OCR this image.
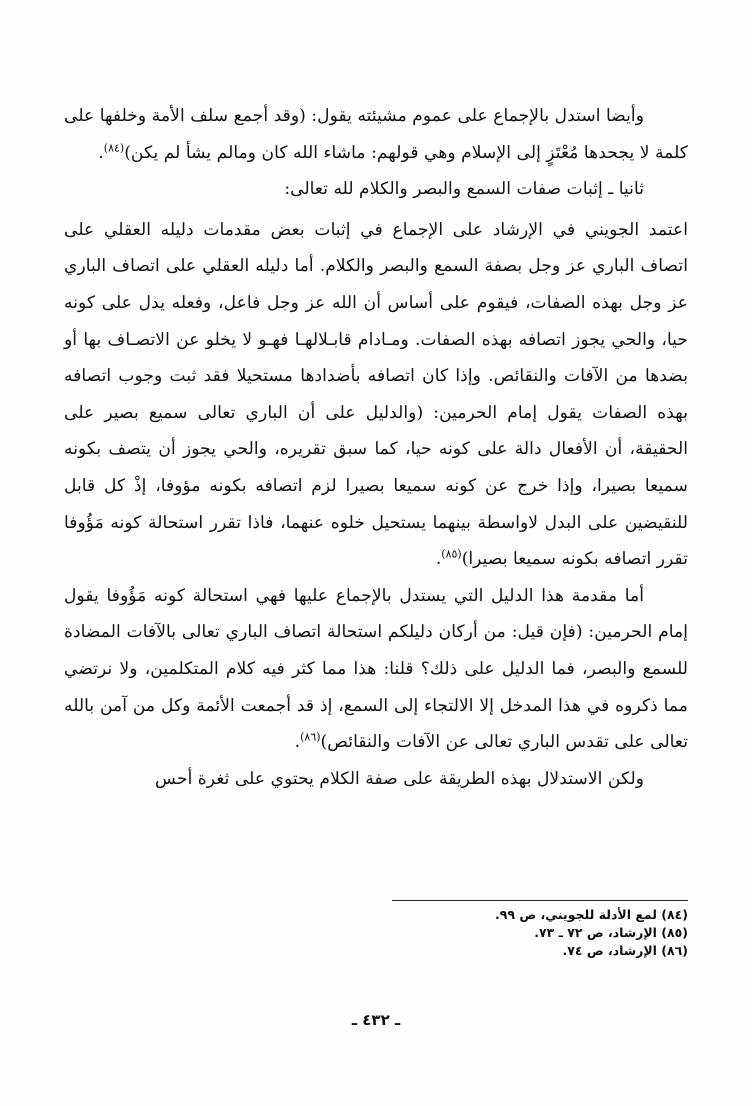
وأيضا استدل بالإجماع على عموم مشيئته يقول: (وقد أجمع سلف الأمة وخلفها على كلمة لا يجحدها مُعْتَزٍ إلى الإسلام وهي قولهم: ماشاء الله كان ومالم يشأ لم يكن)$^{(٨٤)}$.

ثانيا ـ إثبات صفات السمع والبصر والكلام لله تعالى:

اعتمد الجويني في الإرشاد على الإجماع في إثبات بعض مقدمات دليله العقلي على اتصاف الباري عز وجل بصفة السمع والبصر والكلام. أما دليله العقلي على اتصاف الباري عز وجل بهذه الصفات، فيقوم على أساس أن الله عز وجل فاعل، وفعله يدل على كونه حيا، والحي يجوز اتصافه بهذه الصفات. ومـادام قابـلالهـا فهـو لا يخلو عن الاتصـاف بها أو بضدها من الآفات والنقائص. وإذا كان اتصافه بأضدادها مستحيلا فقد ثبت وجوب اتصافه بهذه الصفات يقول إمام الحرمين: (والدليل على أن الباري تعالى سميع بصير على الحقيقة، أن الأفعال دالة على كونه حيا، كما سبق تقريره، والحي يجوز أن يتصف بكونه سميعا بصيرا، وإذا خرج عن كونه سميعا بصيرا لزم اتصافه بكونه مؤوفا، إذْ كل قابل للنقيضين على البدل لاواسطة بينهما يستحيل خلوه عنهما، فاذا تقرر استحالة كونه مَؤُوفا تقرر اتصافه بكونه سميعا بصيرا)$^{(٨٥)}$.

أما مقدمة هذا الدليل التي يستدل بالإجماع عليها فهي استحالة كونه مَؤُوفا يقول إمام الحرمين: (فإن قيل: من أركان دليلكم استحالة اتصاف الباري تعالى بالآفات المضادة للسمع والبصر، فما الدليل على ذلك؟ قلنا: هذا مما كثر فيه كلام المتكلمين، ولا نرتضي مما ذكروه في هذا المدخل إلا الالتجاء إلى السمع، إذ قد أجمعت الأئمة وكل من آمن بالله تعالى على تقدس الباري تعالى عن الآفات والنقائص)$^{(٨٦)}$.

ولكن الاستدلال بهذه الطريقة على صفة الكلام يحتوي على ثغرة أحس

(٨٤) لمع الأدلة للجويني، ص ٩٩.

(٨٥) الإرشاد، ص ٧٢ ـ ٧٣.

(٨٦) الإرشاد، ص ٧٤.

ـ ٤٣٢ ـ
